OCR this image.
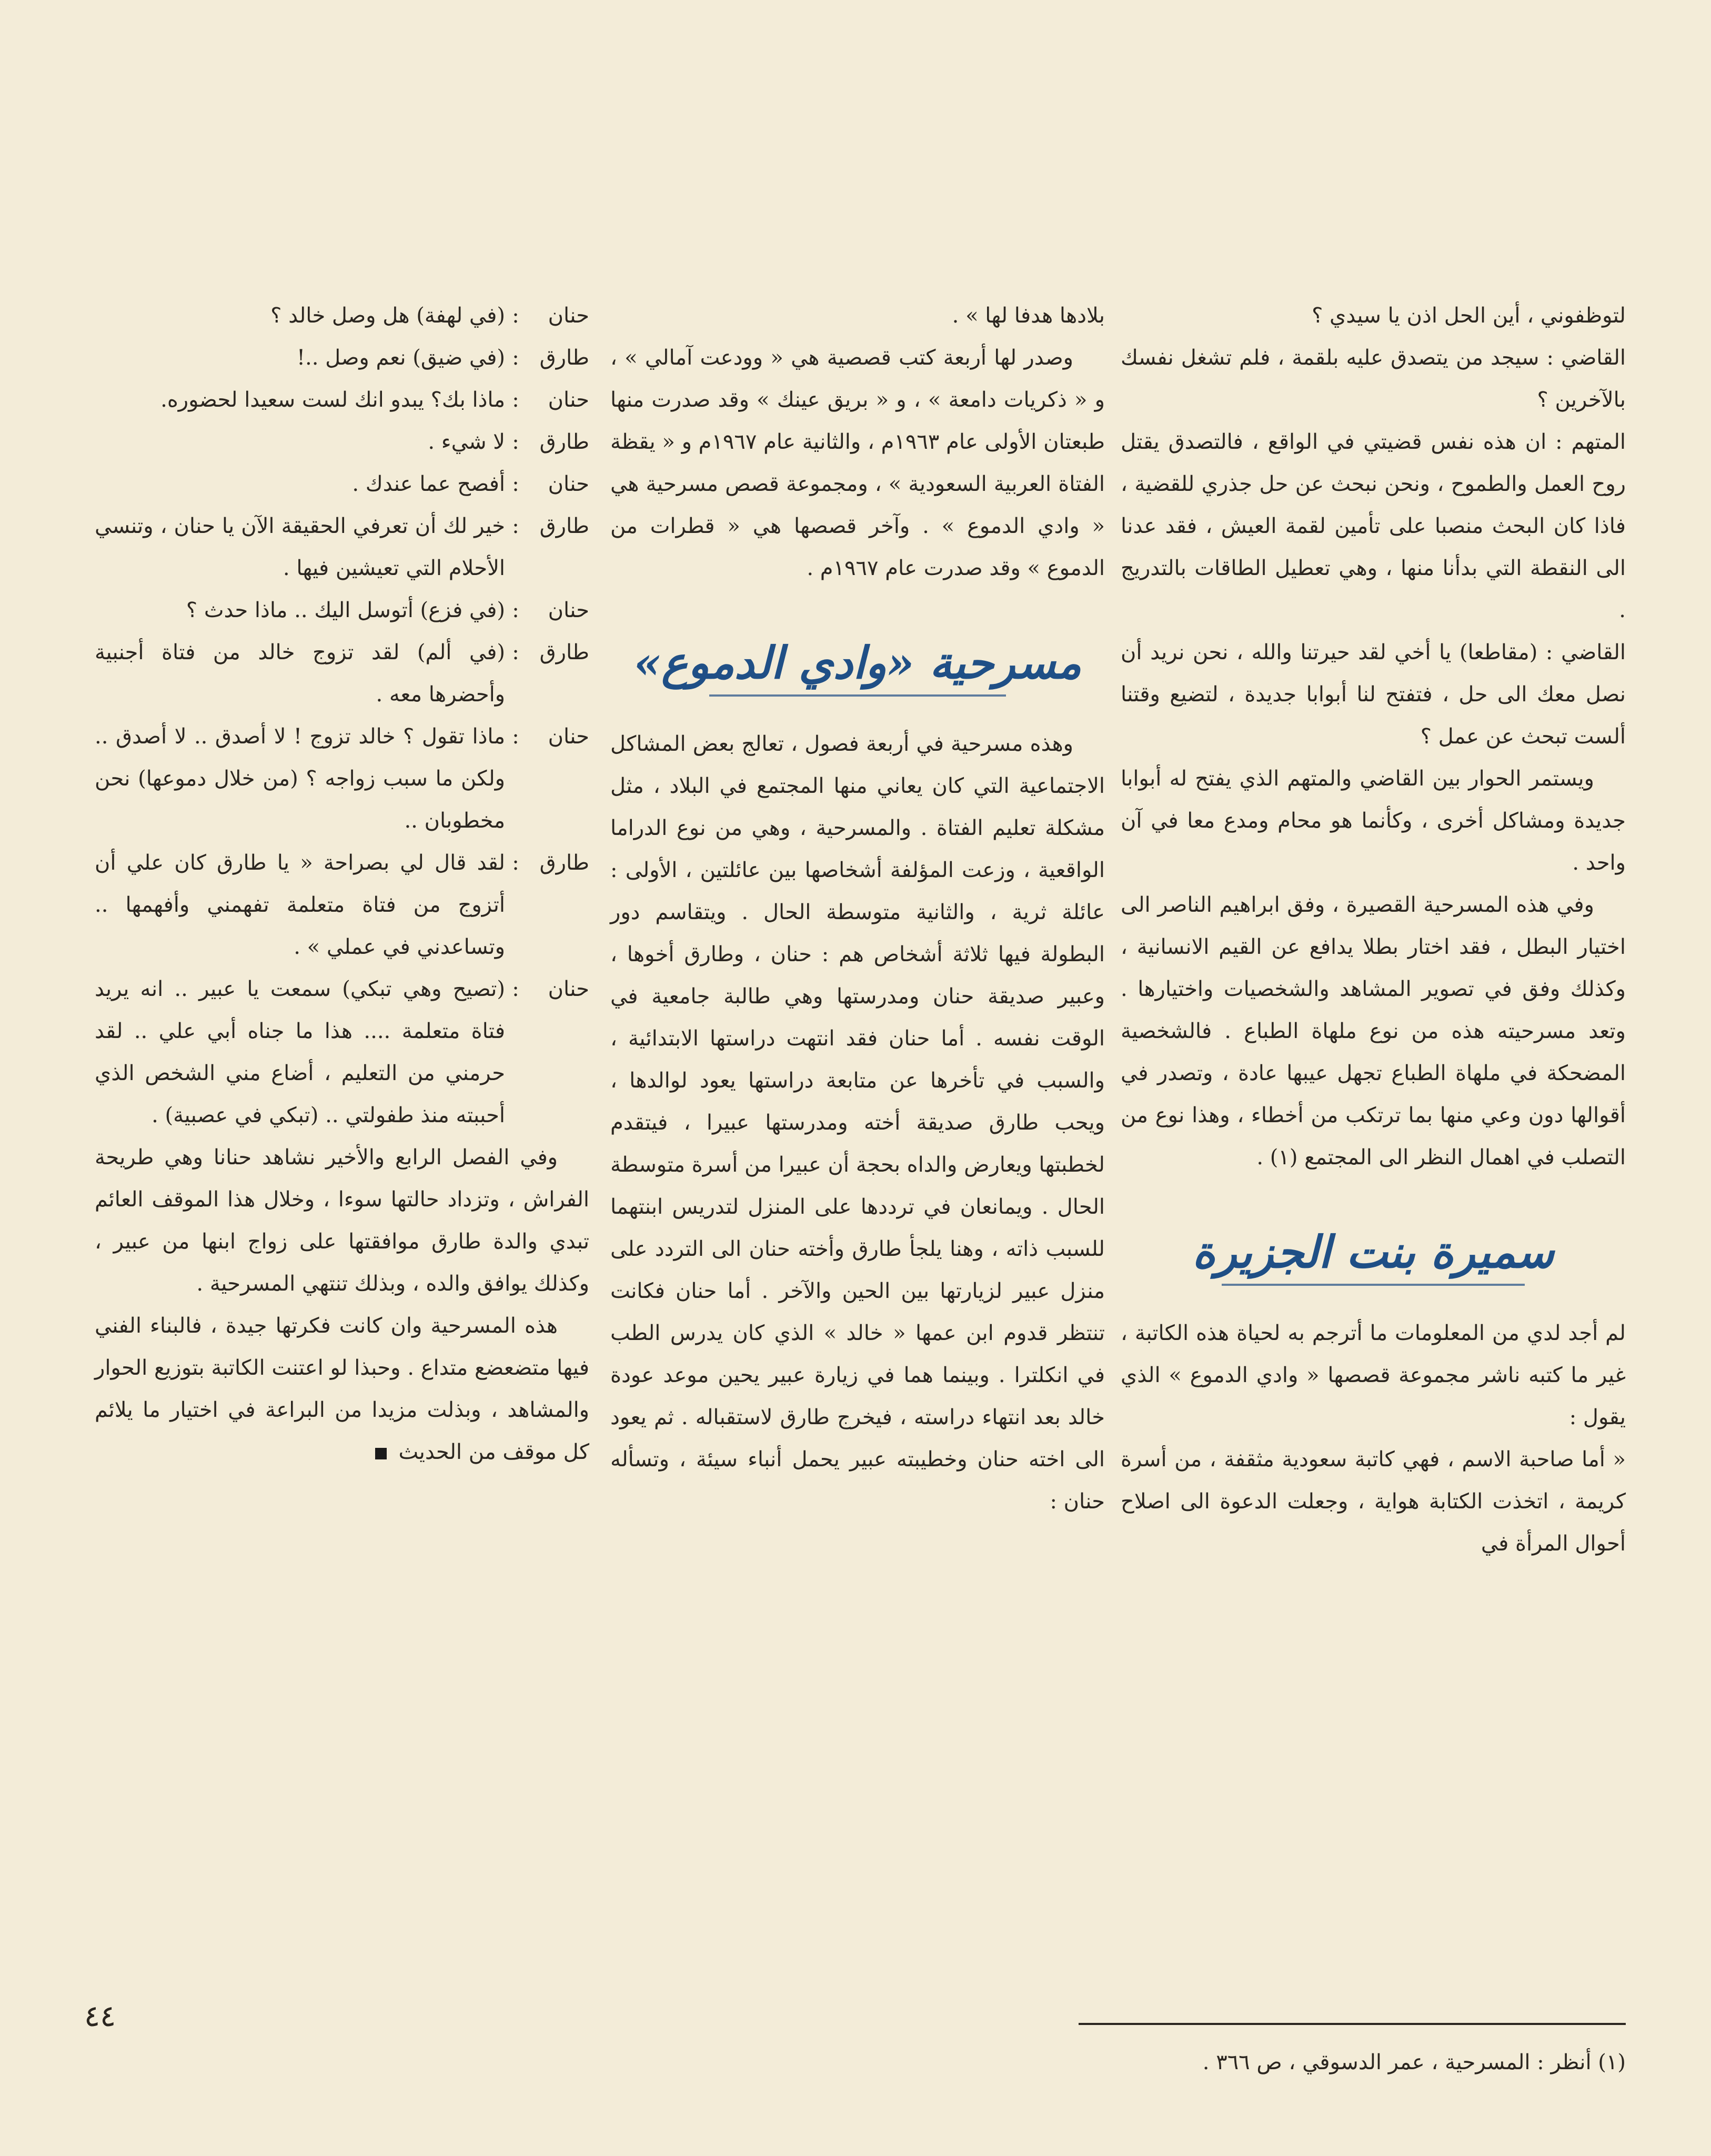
لتوظفوني ، أين الحل اذن يا سيدي ؟

القاضي : سيجد من يتصدق عليه بلقمة ، فلم تشغل نفسك بالآخرين ؟

المتهم : ان هذه نفس قضيتي في الواقع ، فالتصدق يقتل روح العمل والطموح ، ونحن نبحث عن حل جذري للقضية ، فاذا كان البحث منصبا على تأمين لقمة العيش ، فقد عدنا الى النقطة التي بدأنا منها ، وهي تعطيل الطاقات بالتدريج .

القاضي : (مقاطعا) يا أخي لقد حيرتنا والله ، نحن نريد أن نصل معك الى حل ، فتفتح لنا أبوابا جديدة ، لتضيع وقتنا ألست تبحث عن عمل ؟

ويستمر الحوار بين القاضي والمتهم الذي يفتح له أبوابا جديدة ومشاكل أخرى ، وكأنما هو محام ومدع معا في آن واحد .

وفي هذه المسرحية القصيرة ، وفق ابراهيم الناصر الى اختيار البطل ، فقد اختار بطلا يدافع عن القيم الانسانية ، وكذلك وفق في تصوير المشاهد والشخصيات واختيارها . وتعد مسرحيته هذه من نوع ملهاة الطباع . فالشخصية المضحكة في ملهاة الطباع تجهل عيبها عادة ، وتصدر في أقوالها دون وعي منها بما ترتكب من أخطاء ، وهذا نوع من التصلب في اهمال النظر الى المجتمع (١) .

سميرة بنت الجزيرة

لم أجد لدي من المعلومات ما أترجم به لحياة هذه الكاتبة ، غير ما كتبه ناشر مجموعة قصصها « وادي الدموع » الذي يقول :

« أما صاحبة الاسم ، فهي كاتبة سعودية مثقفة ، من أسرة كريمة ، اتخذت الكتابة هواية ، وجعلت الدعوة الى اصلاح أحوال المرأة في

بلادها هدفا لها » .

وصدر لها أربعة كتب قصصية هي « وودعت آمالي » ، و « ذكريات دامعة » ، و « بريق عينك » وقد صدرت منها طبعتان الأولى عام ١٩٦٣م ، والثانية عام ١٩٦٧م و « يقظة الفتاة العربية السعودية » ، ومجموعة قصص مسرحية هي « وادي الدموع » . وآخر قصصها هي « قطرات من الدموع » وقد صدرت عام ١٩٦٧م .

مسرحية «وادي الدموع»

وهذه مسرحية في أربعة فصول ، تعالج بعض المشاكل الاجتماعية التي كان يعاني منها المجتمع في البلاد ، مثل مشكلة تعليم الفتاة . والمسرحية ، وهي من نوع الدراما الواقعية ، وزعت المؤلفة أشخاصها بين عائلتين ، الأولى : عائلة ثرية ، والثانية متوسطة الحال . ويتقاسم دور البطولة فيها ثلاثة أشخاص هم : حنان ، وطارق أخوها ، وعبير صديقة حنان ومدرستها وهي طالبة جامعية في الوقت نفسه . أما حنان فقد انتهت دراستها الابتدائية ، والسبب في تأخرها عن متابعة دراستها يعود لوالدها ، ويحب طارق صديقة أخته ومدرستها عبيرا ، فيتقدم لخطبتها ويعارض والداه بحجة أن عبيرا من أسرة متوسطة الحال . ويمانعان في ترددها على المنزل لتدريس ابنتهما للسبب ذاته ، وهنا يلجأ طارق وأخته حنان الى التردد على منزل عبير لزيارتها بين الحين والآخر . أما حنان فكانت تنتظر قدوم ابن عمها « خالد » الذي كان يدرس الطب في انكلترا . وبينما هما في زيارة عبير يحين موعد عودة خالد بعد انتهاء دراسته ، فيخرج طارق لاستقباله . ثم يعود الى اخته حنان وخطيبته عبير يحمل أنباء سيئة ، وتسأله حنان :

حنان
:
(في لهفة) هل وصل خالد ؟
طارق
:
(في ضيق) نعم وصل ..!
حنان
:
ماذا بك؟ يبدو انك لست سعيدا لحضوره.
طارق
:
لا شيء .
حنان
:
أفصح عما عندك .
طارق
:
خير لك أن تعرفي الحقيقة الآن يا حنان ، وتنسي الأحلام التي تعيشين فيها .
حنان
:
(في فزع) أتوسل اليك .. ماذا حدث ؟
طارق
:
(في ألم) لقد تزوج خالد من فتاة أجنبية وأحضرها معه .
حنان
:
ماذا تقول ؟ خالد تزوج ! لا أصدق .. لا أصدق .. ولكن ما سبب زواجه ؟ (من خلال دموعها) نحن مخطوبان ..
طارق
:
لقد قال لي بصراحة « يا طارق كان علي أن أتزوج من فتاة متعلمة تفهمني وأفهمها .. وتساعدني في عملي » .
حنان
:
(تصيح وهي تبكي) سمعت يا عبير .. انه يريد فتاة متعلمة .... هذا ما جناه أبي علي .. لقد حرمني من التعليم ، أضاع مني الشخص الذي أحببته منذ طفولتي .. (تبكي في عصبية) .

وفي الفصل الرابع والأخير نشاهد حنانا وهي طريحة الفراش ، وتزداد حالتها سوءا ، وخلال هذا الموقف العائم تبدي والدة طارق موافقتها على زواج ابنها من عبير ، وكذلك يوافق والده ، وبذلك تنتهي المسرحية .

هذه المسرحية وان كانت فكرتها جيدة ، فالبناء الفني فيها متضعضع متداع . وحبذا لو اعتنت الكاتبة بتوزيع الحوار والمشاهد ، وبذلت مزيدا من البراعة في اختيار ما يلائم كل موقف من الحديث

٤٤
(١) أنظر : المسرحية ، عمر الدسوقي ، ص ٣٦٦ .
